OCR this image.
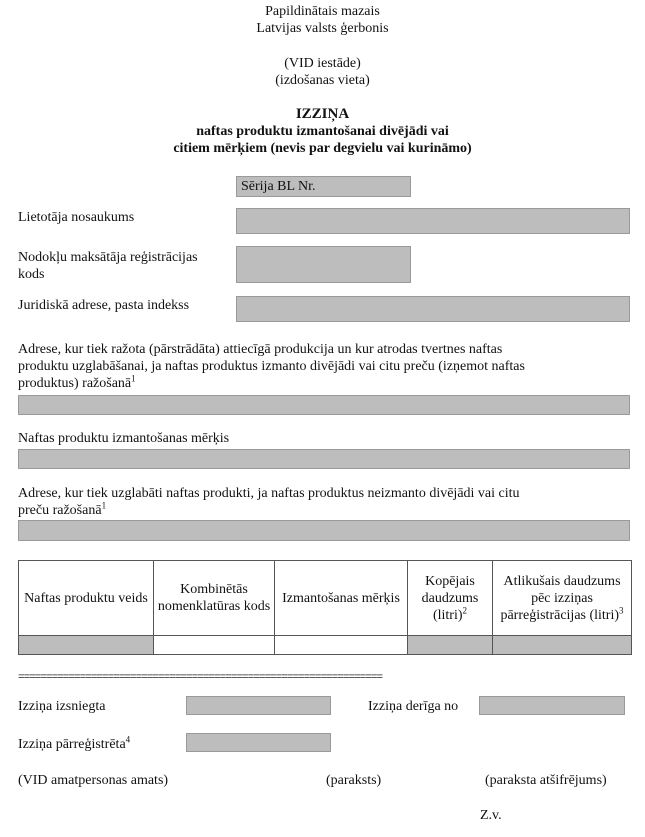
Papildinātais mazais
Latvijas valsts ģerbonis
(VID iestāde)
(izdošanas vieta)
IZZIŅA
naftas produktu izmantošanai divējādi vai
citiem mērķiem (nevis par degvielu vai kurināmo)
Sērija BL Nr.
Lietotāja nosaukums
Nodokļu maksātāja reģistrācijas
kods
Juridiskā adrese, pasta indekss
Adrese, kur tiek ražota (pārstrādāta) attiecīgā produkcija un kur atrodas tvertnes naftas
produktu uzglabāšanai, ja naftas produktus izmanto divējādi vai citu preču (izņemot naftas
produktus) ražošanā$^1$
Naftas produktu izmantošanas mērķis
Adrese, kur tiek uzglabāti naftas produkti, ja naftas produktus neizmanto divējādi vai citu
preču ražošanā$^1$
Naftas produktu veids	Kombinētās nomenklatūras kods	Izmantošanas mērķis	Kopējais daudzums (litri)$^2$	Atlikušais daudzums pēc izziņas pārreģistrācijas (litri)$^3$

=================================================================
Izziņa izsniegta	Izziņa derīga no
Izziņa pārreģistrēta$^4$
(VID amatpersonas amats)	(paraksts)	(paraksta atšifrējums)
Z.v.
